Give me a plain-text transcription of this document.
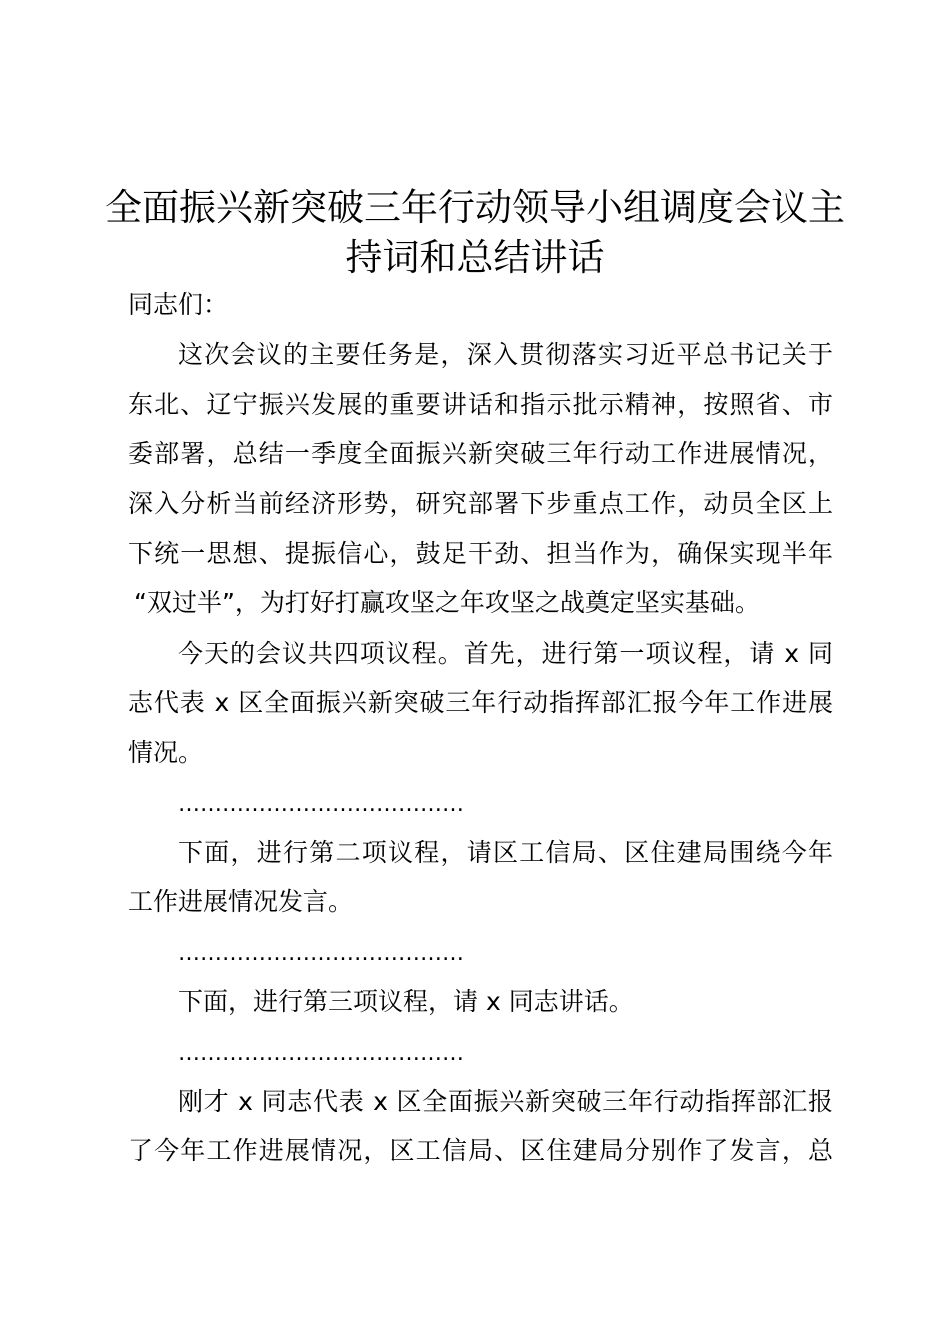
全面振兴新突破三年行动领导小组调度会议主
持词和总结讲话

同志们：

这次会议的主要任务是，深入贯彻落实习近平总书记关于

东北、辽宁振兴发展的重要讲话和指示批示精神，按照省、市

委部署，总结一季度全面振兴新突破三年行动工作进展情况，

深入分析当前经济形势，研究部署下步重点工作，动员全区上

下统一思想、提振信心，鼓足干劲、担当作为，确保实现半年

“双过半”，为打好打赢攻坚之年攻坚之战奠定坚实基础。

今天的会议共四项议程。首先，进行第一项议程，请 x 同

志代表 x 区全面振兴新突破三年行动指挥部汇报今年工作进展

情况。

…………………………………

下面，进行第二项议程，请区工信局、区住建局围绕今年

工作进展情况发言。

…………………………………

下面，进行第三项议程，请 x 同志讲话。

…………………………………

刚才 x 同志代表 x 区全面振兴新突破三年行动指挥部汇报

了今年工作进展情况，区工信局、区住建局分别作了发言，总
